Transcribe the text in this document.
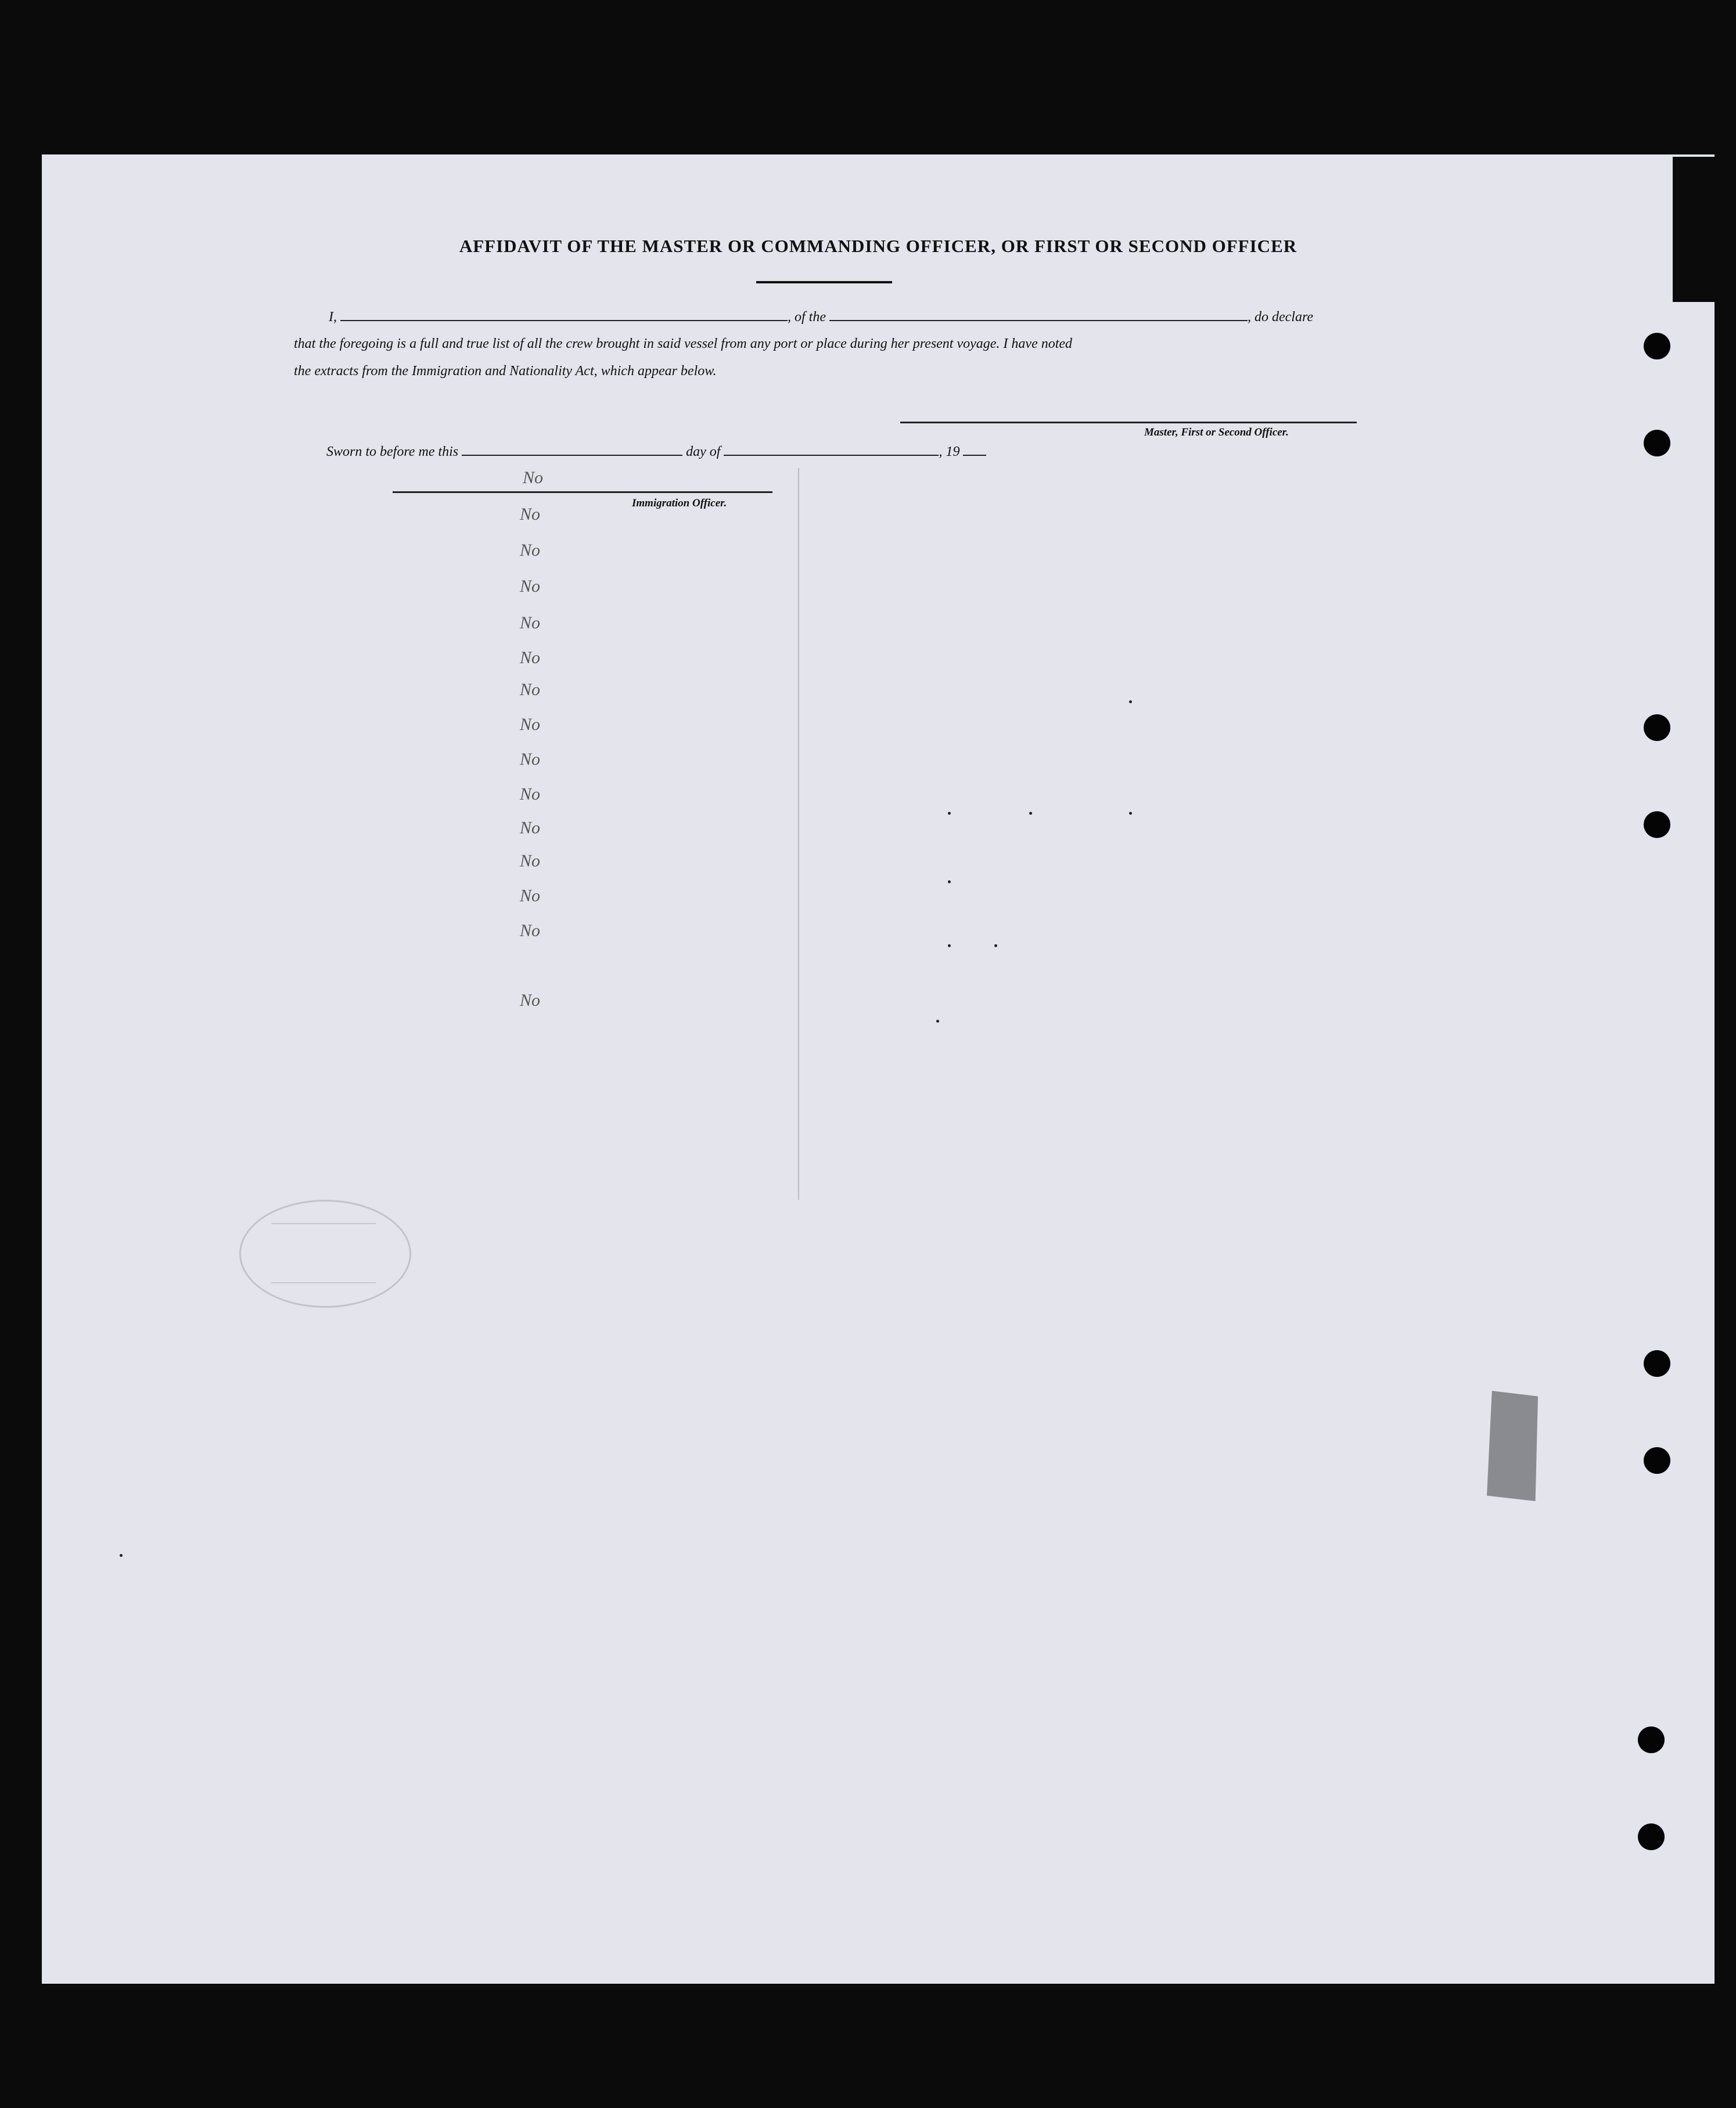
AFFIDAVIT OF THE MASTER OR COMMANDING OFFICER, OR FIRST OR SECOND OFFICER
I,	, of the	, do declare
that the foregoing is a full and true list of all the crew brought in said vessel from any port or place during her present voyage. I have noted
the extracts from the Immigration and Nationality Act, which appear below.
Master, First or Second Officer.
Sworn to before me this	day of	, 19
Immigration Officer.
No
No
No
No
No
No
No
No
No
No
No
No
No
No
No
